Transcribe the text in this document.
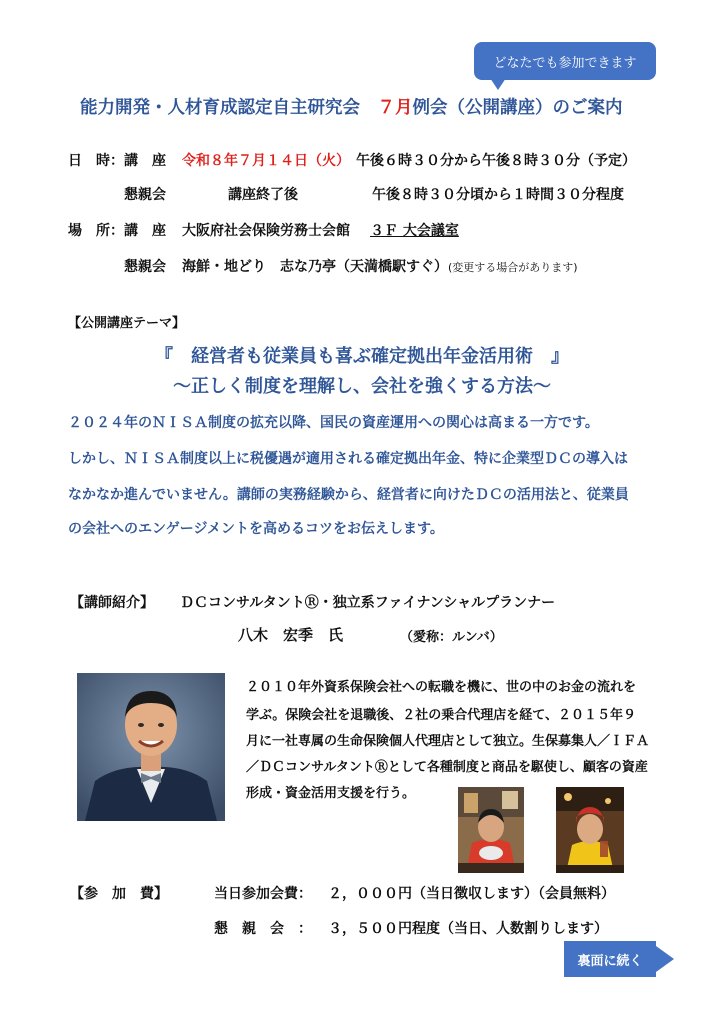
どなたでも参加できます
能力開発・人材育成認定自主研究会　７月例会（公開講座）のご案内
日　時：講　座 令和８年７月１４日（火） 午後６時３０分から午後８時３０分（予定）
懇親会	講座終了後	午後８時３０分頃から１時間３０分程度
場　所：講　座 大阪府社会保険労務士会館 ３Ｆ 大会議室
懇親会 海鮮・地どり　志な乃亭（天満橋駅すぐ）(変更する場合があります)
【公開講座テーマ】
『　経営者も従業員も喜ぶ確定拠出年金活用術　』
～正しく制度を理解し、会社を強くする方法～
２０２４年のＮＩＳＡ制度の拡充以降、国民の資産運用への関心は高まる一方です。
しかし、ＮＩＳＡ制度以上に税優遇が適用される確定拠出年金、特に企業型ＤＣの導入は
なかなか進んでいません。講師の実務経験から、経営者に向けたＤＣの活用法と、従業員
の会社へのエンゲージメントを高めるコツをお伝えします。
【講師紹介】 ＤＣコンサルタントⓇ・独立系ファイナンシャルプランナー
八木　宏季　氏	（愛称：ルンバ）
２０１０年外資系保険会社への転職を機に、世の中のお金の流れを
学ぶ。保険会社を退職後、２社の乗合代理店を経て、２０１５年９
月に一社専属の生命保険個人代理店として独立。生保募集人／ＩＦＡ
／ＤＣコンサルタントⓇとして各種制度と商品を駆使し、顧客の資産
形成・資金活用支援を行う。
【参　加　費】	当日参加会費： ２，０００円（当日徴収します）（会員無料）
懇　親　会　： ３，５００円程度（当日、人数割りします）
裏面に続く
